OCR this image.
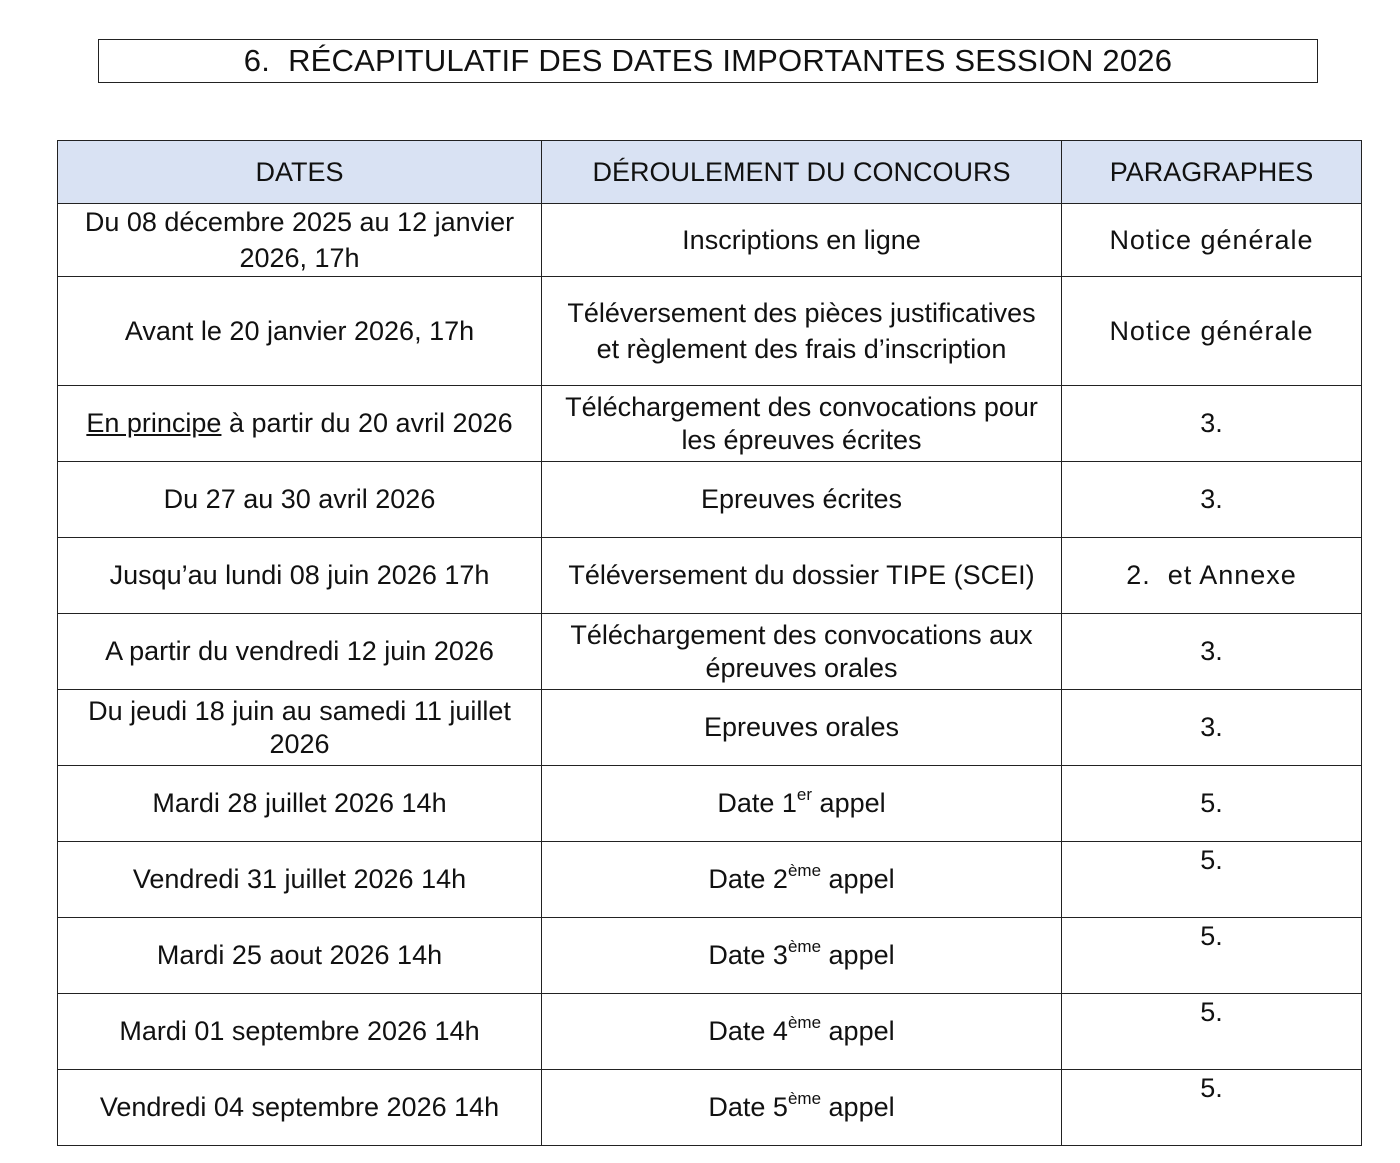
6. RÉCAPITULATIF DES DATES IMPORTANTES SESSION 2026
DATES	DÉROULEMENT DU CONCOURS	PARAGRAPHES
Du 08 décembre 2025 au 12 janvier 2026, 17h	Inscriptions en ligne	Notice générale
Avant le 20 janvier 2026, 17h	Téléversement des pièces justificatives et règlement des frais d’inscription	Notice générale
En principe à partir du 20 avril 2026	Téléchargement des convocations pour les épreuves écrites	3.
Du 27 au 30 avril 2026	Epreuves écrites	3.
Jusqu’au lundi 08 juin 2026 17h	Téléversement du dossier TIPE (SCEI)	2.  et Annexe
A partir du vendredi 12 juin 2026	Téléchargement des convocations aux épreuves orales	3.
Du jeudi 18 juin au samedi 11 juillet 2026	Epreuves orales	3.
Mardi 28 juillet 2026 14h	Date 1er appel	5.
Vendredi 31 juillet 2026 14h	Date 2ème appel	5.
Mardi 25 aout 2026 14h	Date 3ème appel	5.
Mardi 01 septembre 2026 14h	Date 4ème appel	5.
Vendredi 04 septembre 2026 14h	Date 5ème appel	5.
